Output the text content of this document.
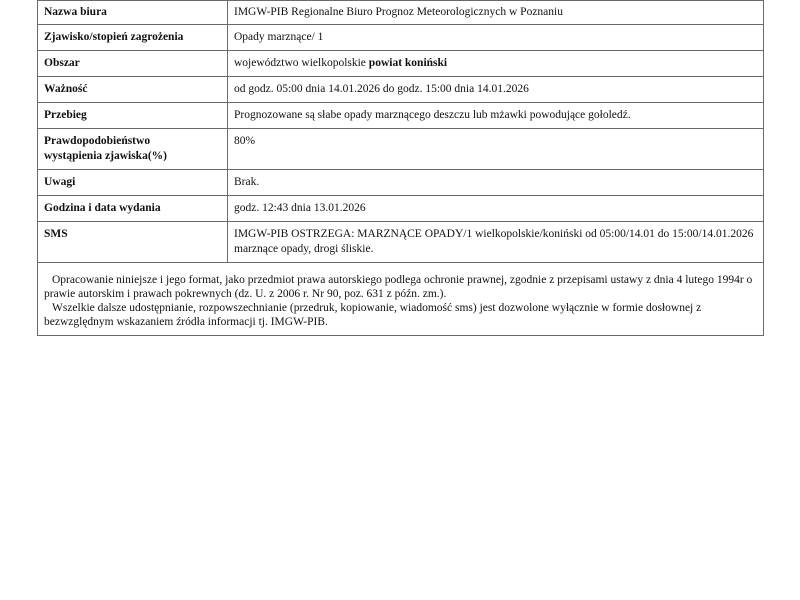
Nazwa biura	IMGW-PIB Regionalne Biuro Prognoz Meteorologicznych w Poznaniu
Zjawisko/stopień zagrożenia	Opady marznące/ 1
Obszar	województwo wielkopolskie powiat koniński
Ważność	od godz. 05:00 dnia 14.01.2026 do godz. 15:00 dnia 14.01.2026
Przebieg	Prognozowane są słabe opady marznącego deszczu lub mżawki powodujące gołoledź.
Prawdopodobieństwo
wystąpienia zjawiska(%)	80%
Uwagi	Brak.
Godzina i data wydania	godz. 12:43 dnia 13.01.2026
SMS	IMGW-PIB OSTRZEGA: MARZNĄCE OPADY/1 wielkopolskie/koniński od 05:00/14.01 do 15:00/14.01.2026 marznące opady, drogi śliskie.

Opracowanie niniejsze i jego format, jako przedmiot prawa autorskiego podlega ochronie prawnej, zgodnie z przepisami ustawy z dnia 4 lutego 1994r o prawie autorskim i prawach pokrewnych (dz. U. z 2006 r. Nr 90, poz. 631 z późn. zm.).

Wszelkie dalsze udostępnianie, rozpowszechnianie (przedruk, kopiowanie, wiadomość sms) jest dozwolone wyłącznie w formie dosłownej z bezwzględnym wskazaniem źródła informacji tj. IMGW-PIB.	
